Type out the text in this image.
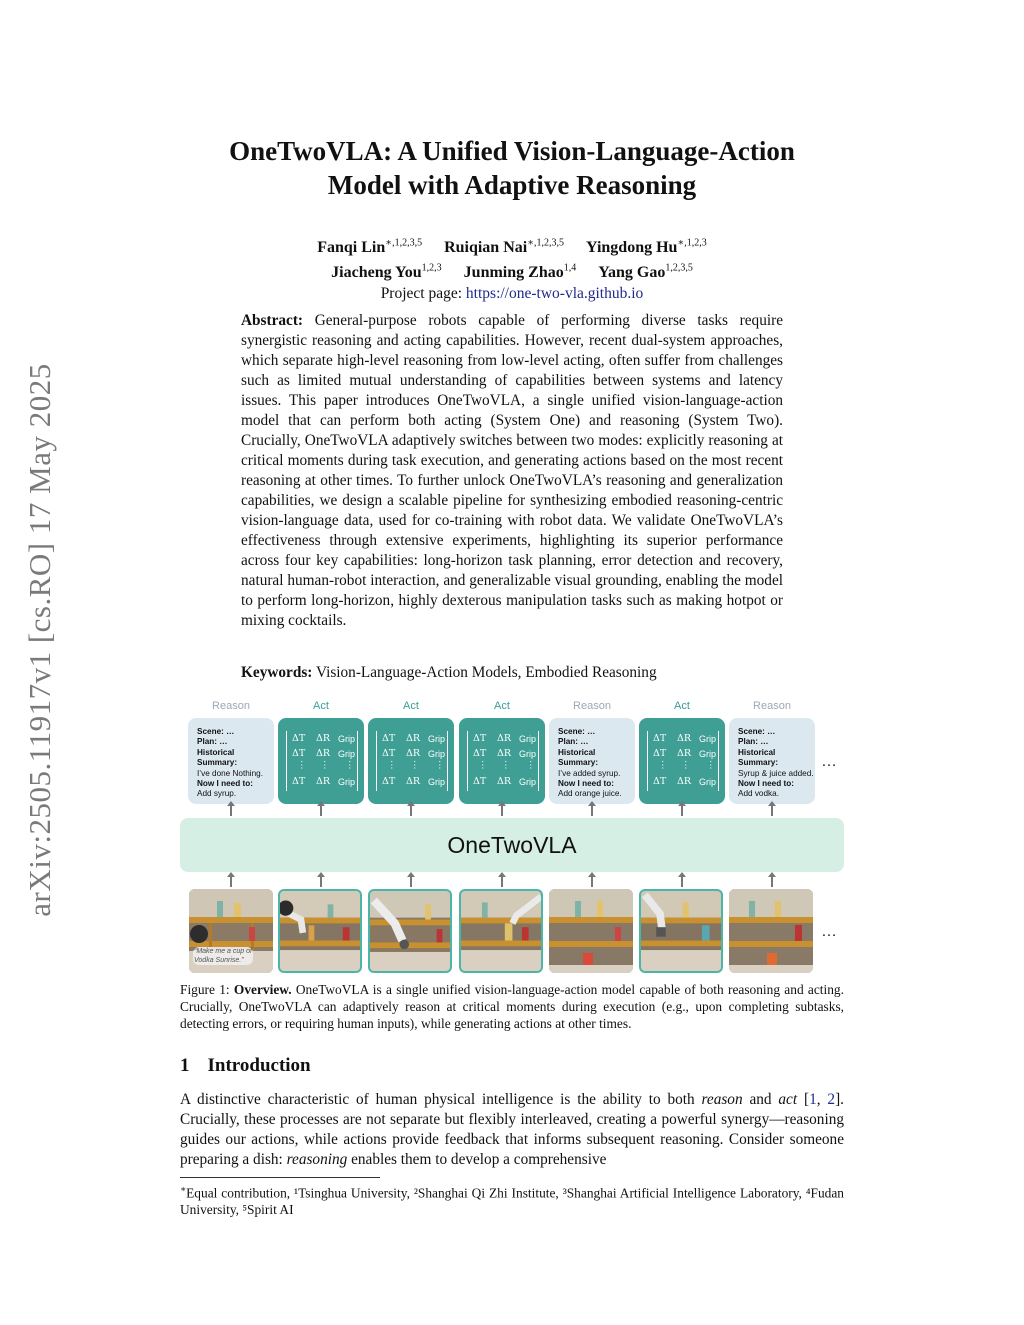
arXiv:2505.11917v1 [cs.RO] 17 May 2025
OneTwoVLA: A Unified Vision-Language-Action
Model with Adaptive Reasoning
Fanqi Lin$^{∗,1,2,3,5}$ Ruiqian Nai$^{∗,1,2,3,5}$ Yingdong $Hu^{∗,1,2,3}$
Jiacheng You$^{1,2,3}$ Junming Zhao$^{1,4}$ Yang Gao$^{1,2,3,5}$
Project page: https://one-two-vla.github.io
Abstract: General-purpose robots capable of performing diverse tasks require synergistic reasoning and acting capabilities. However, recent dual-system approaches, which separate high-level reasoning from low-level acting, often suffer from challenges such as limited mutual understanding of capabilities between systems and latency issues. This paper introduces OneTwoVLA, a single unified vision-language-action model that can perform both acting (System One) and reasoning (System Two). Crucially, OneTwoVLA adaptively switches between two modes: explicitly reasoning at critical moments during task execution, and generating actions based on the most recent reasoning at other times. To further unlock OneTwoVLA’s reasoning and generalization capabilities, we design a scalable pipeline for synthesizing embodied reasoning-centric vision-language data, used for co-training with robot data. We validate OneTwoVLA’s effectiveness through extensive experiments, highlighting its superior performance across four key capabilities: long-horizon task planning, error detection and recovery, natural human-robot interaction, and generalizable visual grounding, enabling the model to perform long-horizon, highly dexterous manipulation tasks such as making hotpot or mixing cocktails.
Keywords: Vision-Language-Action Models, Embodied Reasoning
Reason	Act	Act	Act	Reason	Act	Reason
Scene: …
Plan: …
Historical Summary:
I’ve done Nothing.
Now I need to:
Add syrup.
ΔT ΔR Grip
ΔT ΔR Grip
⋮ ⋮ ⋮
ΔT ΔR Grip
ΔT ΔR Grip
ΔT ΔR Grip
⋮ ⋮ ⋮
ΔT ΔR Grip
ΔT ΔR Grip
ΔT ΔR Grip
⋮ ⋮ ⋮
ΔT ΔR Grip
Scene: …
Plan: …
Historical Summary:
I’ve added syrup.
Now I need to:
Add orange juice.
ΔT ΔR Grip
ΔT ΔR Grip
⋮ ⋮ ⋮
ΔT ΔR Grip
Scene: …
Plan: …
Historical Summary:
Syrup & juice added.
Now I need to:
Add vodka.
…
OneTwoVLA
“Make me a cup of Vodka Sunrise.”
…
Figure 1: Overview. OneTwoVLA is a single unified vision-language-action model capable of both reasoning and acting. Crucially, OneTwoVLA can adaptively reason at critical moments during execution (e.g., upon completing subtasks, detecting errors, or requiring human inputs), while generating actions at other times.
1 Introduction
A distinctive characteristic of human physical intelligence is the ability to both reason and act [1, 2]. Crucially, these processes are not separate but flexibly interleaved, creating a powerful synergy—reasoning guides our actions, while actions provide feedback that informs subsequent reasoning. Consider someone preparing a dish: reasoning enables them to develop a comprehensive
∗Equal contribution, ¹Tsinghua University, ²Shanghai Qi Zhi Institute, ³Shanghai Artificial Intelligence Laboratory, ⁴Fudan University, ⁵Spirit AI
